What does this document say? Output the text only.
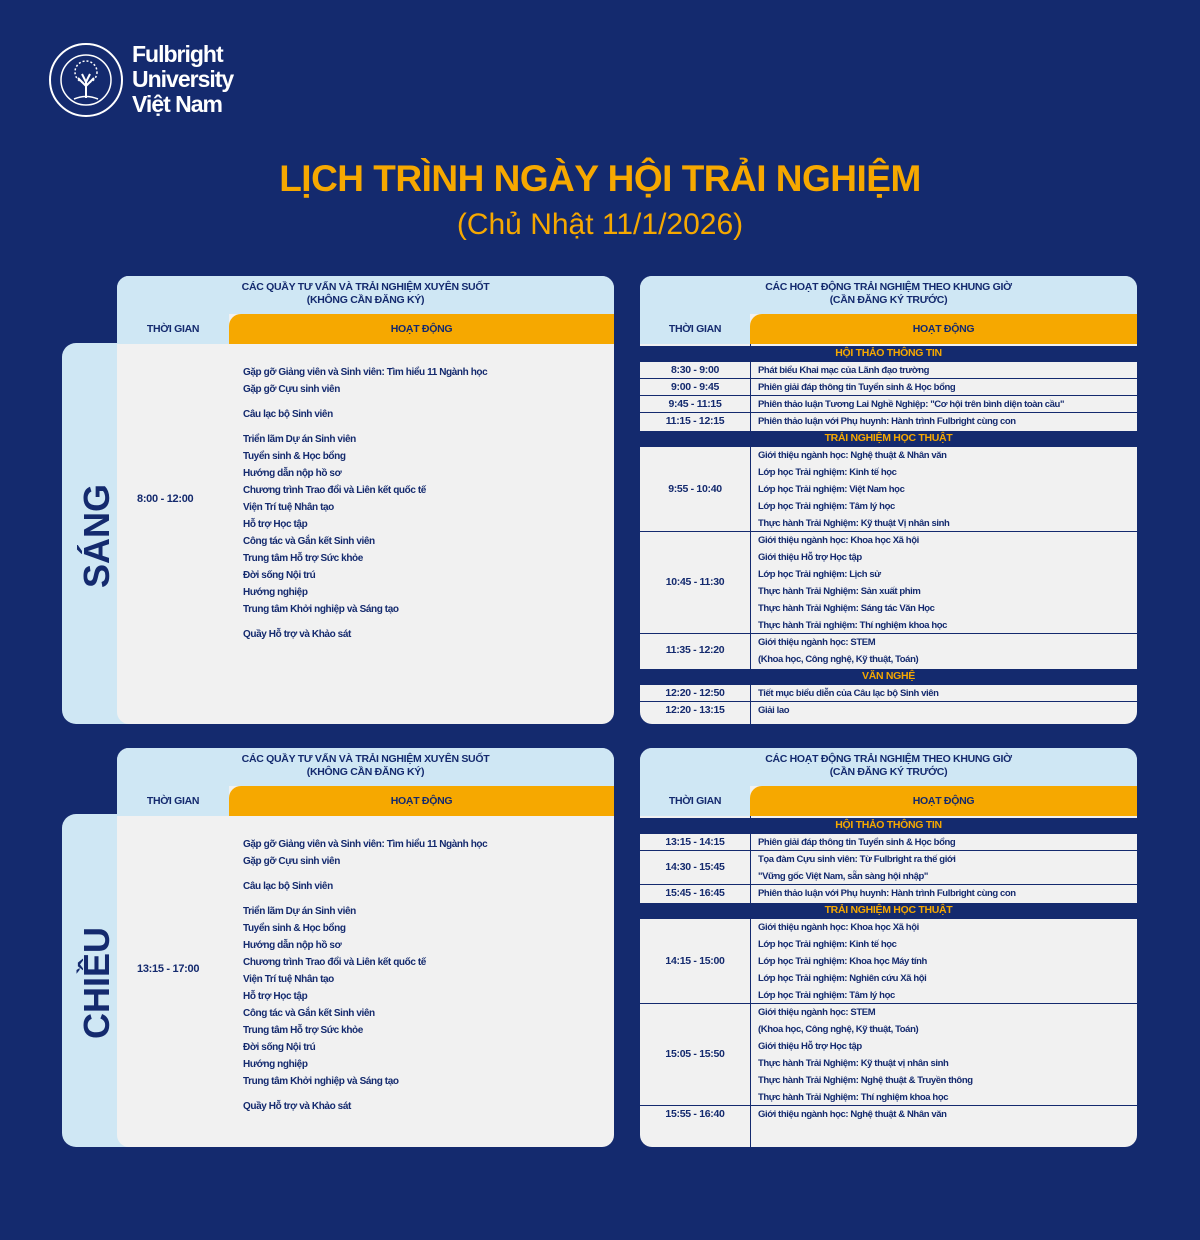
Fulbright
University
Việt Nam
LỊCH TRÌNH NGÀY HỘI TRẢI NGHIỆM
(Chủ Nhật 11/1/2026)
SÁNG
CHIỀU
CÁC QUẦY TƯ VẤN VÀ TRẢI NGHIỆM XUYÊN SUỐT
(KHÔNG CẦN ĐĂNG KÝ)
THỜI GIAN	HOẠT ĐỘNG
8:00 - 12:00
Gặp gỡ Giảng viên và Sinh viên: Tìm hiểu 11 Ngành học
Gặp gỡ Cựu sinh viên
Câu lạc bộ Sinh viên
Triển lãm Dự án Sinh viên
Tuyển sinh & Học bổng
Hướng dẫn nộp hồ sơ
Chương trình Trao đổi và Liên kết quốc tế
Viện Trí tuệ Nhân tạo
Hỗ trợ Học tập
Công tác và Gắn kết Sinh viên
Trung tâm Hỗ trợ Sức khỏe
Đời sống Nội trú
Hướng nghiệp
Trung tâm Khởi nghiệp và Sáng tạo
Quầy Hỗ trợ và Khảo sát
CÁC QUẦY TƯ VẤN VÀ TRẢI NGHIỆM XUYÊN SUỐT
(KHÔNG CẦN ĐĂNG KÝ)
THỜI GIAN	HOẠT ĐỘNG
13:15 - 17:00
Gặp gỡ Giảng viên và Sinh viên: Tìm hiểu 11 Ngành học
Gặp gỡ Cựu sinh viên
Câu lạc bộ Sinh viên
Triển lãm Dự án Sinh viên
Tuyển sinh & Học bổng
Hướng dẫn nộp hồ sơ
Chương trình Trao đổi và Liên kết quốc tế
Viện Trí tuệ Nhân tạo
Hỗ trợ Học tập
Công tác và Gắn kết Sinh viên
Trung tâm Hỗ trợ Sức khỏe
Đời sống Nội trú
Hướng nghiệp
Trung tâm Khởi nghiệp và Sáng tạo
Quầy Hỗ trợ và Khảo sát
CÁC HOẠT ĐỘNG TRẢI NGHIỆM THEO KHUNG GIỜ
(CẦN ĐĂNG KÝ TRƯỚC)
THỜI GIAN	HOẠT ĐỘNG
HỘI THẢO THÔNG TIN
8:30 - 9:00	Phát biểu Khai mạc của Lãnh đạo trường
9:00 - 9:45	Phiên giải đáp thông tin Tuyển sinh & Học bổng
9:45 - 11:15	Phiên thảo luận Tương Lai Nghề Nghiệp: "Cơ hội trên bình diện toàn cầu"
11:15 - 12:15	Phiên thảo luận với Phụ huynh: Hành trình Fulbright cùng con
TRẢI NGHIỆM HỌC THUẬT
9:55 - 10:40
Giới thiệu ngành học: Nghệ thuật & Nhân văn
Lớp học Trải nghiệm: Kinh tế học
Lớp học Trải nghiệm: Việt Nam học
Lớp học Trải nghiệm: Tâm lý học
Thực hành Trải Nghiệm: Kỹ thuật Vị nhân sinh
10:45 - 11:30
Giới thiệu ngành học: Khoa học Xã hội
Giới thiệu Hỗ trợ Học tập
Lớp học Trải nghiệm: Lịch sử
Thực hành Trải Nghiệm: Sản xuất phim
Thực hành Trải Nghiệm: Sáng tác Văn Học
Thực hành Trải nghiệm: Thí nghiệm khoa học
11:35 - 12:20
Giới thiệu ngành học: STEM
(Khoa học, Công nghệ, Kỹ thuật, Toán)
VĂN NGHỆ
12:20 - 12:50	Tiết mục biểu diễn của Câu lạc bộ Sinh viên
12:20 - 13:15	Giải lao
CÁC HOẠT ĐỘNG TRẢI NGHIỆM THEO KHUNG GIỜ
(CẦN ĐĂNG KÝ TRƯỚC)
THỜI GIAN	HOẠT ĐỘNG
HỘI THẢO THÔNG TIN
13:15 - 14:15	Phiên giải đáp thông tin Tuyển sinh & Học bổng
14:30 - 15:45
Tọa đàm Cựu sinh viên: Từ Fulbright ra thế giới
"Vững gốc Việt Nam, sẵn sàng hội nhập"
15:45 - 16:45	Phiên thảo luận với Phụ huynh: Hành trình Fulbright cùng con
TRẢI NGHIỆM HỌC THUẬT
14:15 - 15:00
Giới thiệu ngành học: Khoa học Xã hội
Lớp học Trải nghiệm: Kinh tế học
Lớp học Trải nghiệm: Khoa học Máy tính
Lớp học Trải nghiệm: Nghiên cứu Xã hội
Lớp học Trải nghiệm: Tâm lý học
15:05 - 15:50
Giới thiệu ngành học: STEM
(Khoa học, Công nghệ, Kỹ thuật, Toán)
Giới thiệu Hỗ trợ Học tập
Thực hành Trải Nghiệm: Kỹ thuật vị nhân sinh
Thực hành Trải Nghiệm: Nghệ thuật & Truyền thông
Thực hành Trải Nghiệm: Thí nghiệm khoa học
15:55 - 16:40	Giới thiệu ngành học: Nghệ thuật & Nhân văn
